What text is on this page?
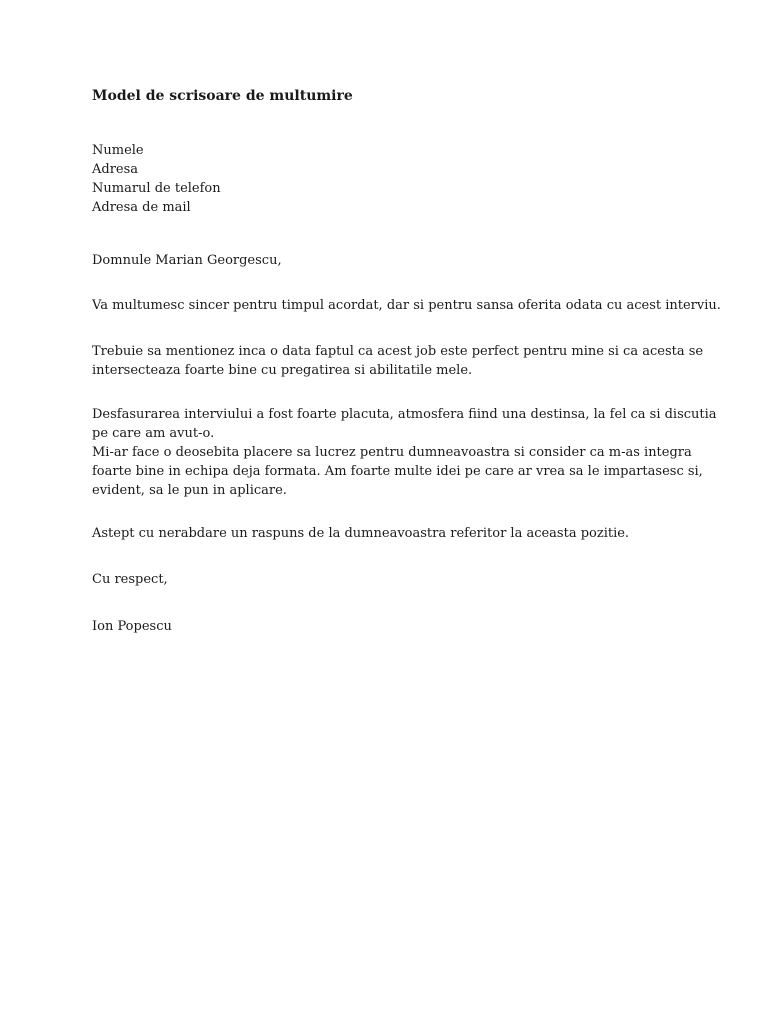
Model de scrisoare de multumire
Numele
Adresa
Numarul de telefon
Adresa de mail
Domnule Marian Georgescu,
Va multumesc sincer pentru timpul acordat, dar si pentru sansa oferita odata cu acest interviu.
Trebuie sa mentionez inca o data faptul ca acest job este perfect pentru mine si ca acesta se
intersecteaza foarte bine cu pregatirea si abilitatile mele.
Desfasurarea interviului a fost foarte placuta, atmosfera fiind una destinsa, la fel ca si discutia
pe care am avut-o.
Mi-ar face o deosebita placere sa lucrez pentru dumneavoastra si consider ca m-as integra
foarte bine in echipa deja formata. Am foarte multe idei pe care ar vrea sa le impartasesc si,
evident, sa le pun in aplicare.
Astept cu nerabdare un raspuns de la dumneavoastra referitor la aceasta pozitie.
Cu respect,
Ion Popescu
